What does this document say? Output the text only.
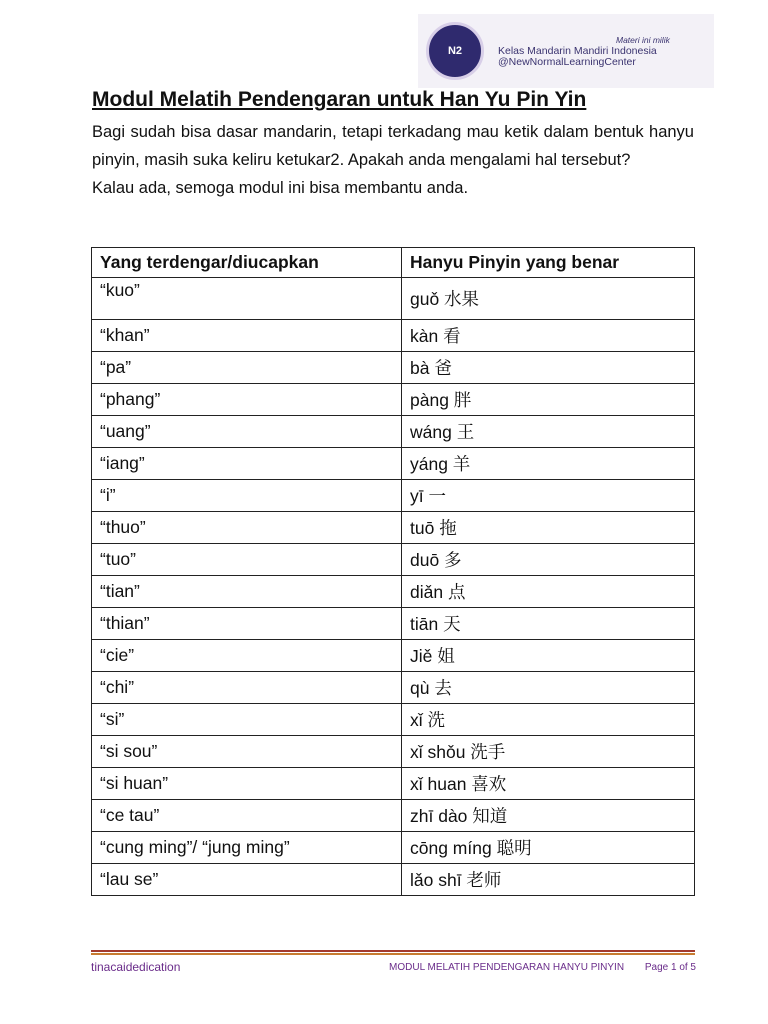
N2
Materi ini milik
Kelas Mandarin Mandiri Indonesia
@NewNormalLearningCenter
Modul Melatih Pendengaran untuk Han Yu Pin Yin

Bagi sudah bisa dasar mandarin, tetapi terkadang mau ketik dalam bentuk hanyu pinyin, masih suka keliru ketukar2. Apakah anda mengalami hal tersebut?

Kalau ada, semoga modul ini bisa membantu anda.

Yang terdengar/diucapkan	Hanyu Pinyin yang benar
“kuo”	guǒ 水果
“khan”	kàn 看
“pa”	bà 爸
“phang”	pàng 胖
“uang”	wáng 王
“iang”	yáng 羊
“i”	yī 一
“thuo”	tuō 拖
“tuo”	duō 多
“tian”	diǎn 点
“thian”	tiān 天
“cie”	Jiě 姐
“chi”	qù 去
“si”	xǐ 洗
“si sou”	xǐ shǒu 洗手
“si huan”	xǐ huan 喜欢
“ce tau”	zhī dào 知道
“cung ming”/ “jung ming”	cōng míng 聪明
“lau se”	lǎo shī 老师
tinacaidedication	MODUL MELATIH PENDENGARAN HANYU PINYIN Page 1 of 5
